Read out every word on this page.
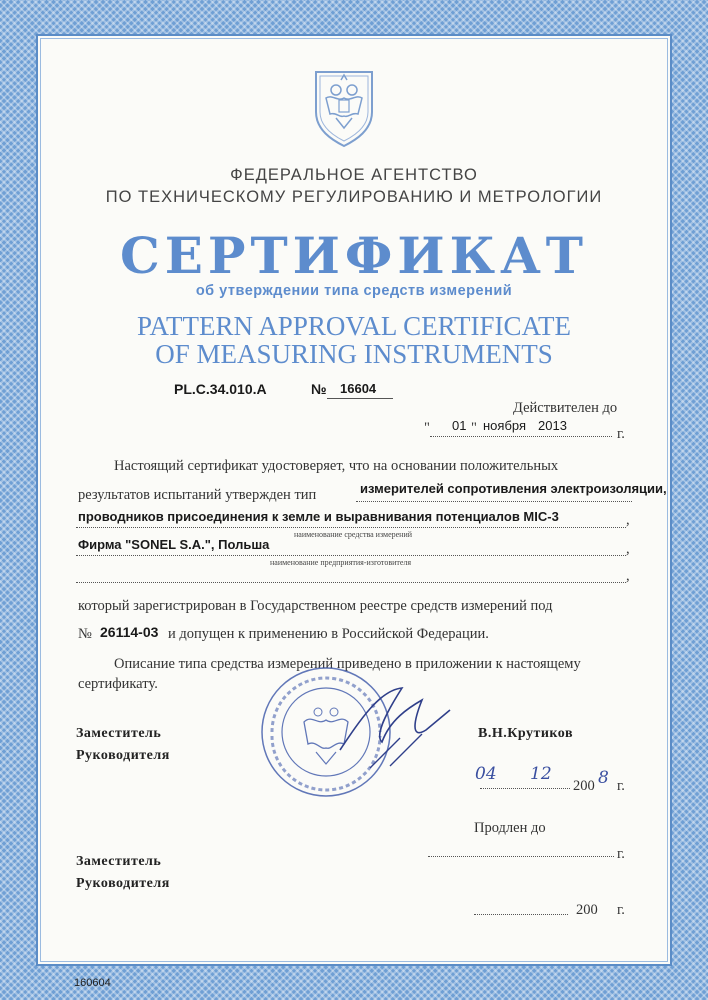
ФЕДЕРАЛЬНОЕ АГЕНТСТВО
ПО ТЕХНИЧЕСКОМУ РЕГУЛИРОВАНИЮ И МЕТРОЛОГИИ
СЕРТИФИКАТ
об утверждении типа средств измерений
PATTERN APPROVAL CERTIFICATE
OF MEASURING INSTRUMENTS
PL.C.34.010.A	№ 16604
Действителен до
" 01 " ноября 2013
г.
Настоящий сертификат удостоверяет, что на основании положительных
результатов испытаний утвержден тип	измерителей сопротивления электроизоляции,
проводников присоединения к земле и выравнивания потенциалов MIC-3	,
наименование средства измерений
Фирма "SONEL S.A.", Польша	,
наименование предприятия-изготовителя
,
который зарегистрирован в Государственном реестре средств измерений под
№ 26114-03 и допущен к применению в Российской Федерации.
Описание типа средства измерений приведено в приложении к настоящему
сертификату.
Заместитель
Руководителя
В.Н.Крутиков
04 12
200 8 г.
Продлен до
г.
Заместитель
Руководителя
200 г.
160604
